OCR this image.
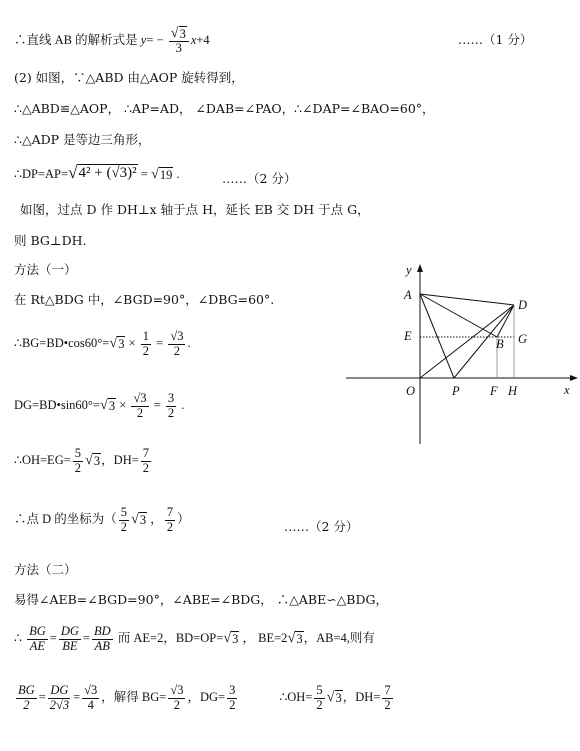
∴直线 AB 的解析式是 $y= - \frac{√ 3}{3} x+4$	……（1 分）
(2) 如图，∵△ABD 由△AOP 旋转得到，
∴△ABD≌△AOP， ∴AP=AD， ∠DAB=∠PAO，∴∠DAP=∠BAO=60°，
∴△ADP 是等边三角形，
∴DP=AP= √ 4² + (√3)² = √ 19 .	……（2 分）
如图，过点 D 作 DH⊥x 轴于点 H，延长 EB 交 DH 于点 G，
则 BG⊥DH.
方法（一）
在 Rt△BDG 中，∠BGD=90°，∠DBG=60°.
∴BG=BD•cos60°= √ $3 \times \frac{1}{2} = \frac{√3}{2}$ .
DG=BD•sin60°= √ $3 \times \frac{√3}{2} = \frac{3}{2}$ .
∴OH=EG= $\frac{5}{2}$ √ 3 ，$DH= \frac{7}{2}$
∴点 D 的坐标为（ $\frac{5}{2}$ √ 3 ， $\frac{7}{2}$ ）	……（2 分）
方法（二）
易得∠AEB=∠BGD=90°，∠ABE=∠BDG， ∴△ABE∽△BDG，
∴ $\frac{BG}{AE} = \frac{DG}{BE} = \frac{BD}{AB}$ 而 AE=2，BD=OP= √ 3 ， BE=2 √ 3 ，AB=4,则有
$\frac{BG}{2} = \frac{DG}{2√3} = \frac{√3}{4}$ ，解得 $BG= \frac{√3}{2}$ ，$DG= \frac{3}{2}$	∴OH= $\frac{5}{2}$ √ 3 ，$DH= \frac{7}{2}$
y
x
A
D
E	G
B
O	P F H
